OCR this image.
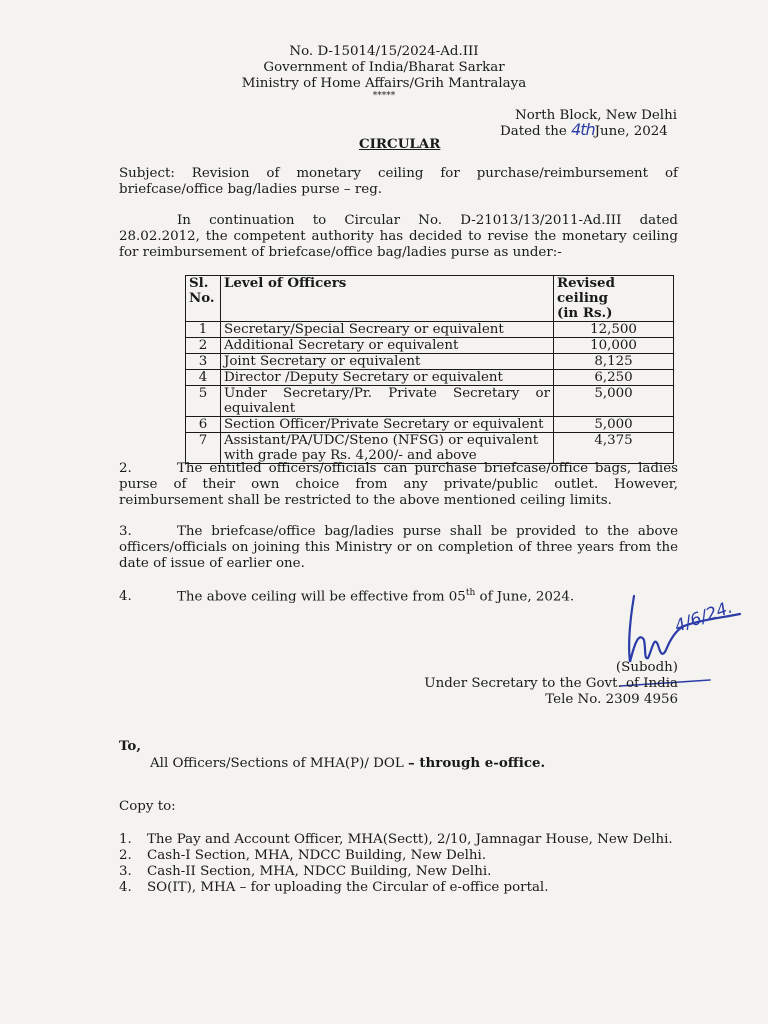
No. D-15014/15/2024-Ad.III
Government of India/Bharat Sarkar
Ministry of Home Affairs/Grih Mantralaya
*****
North Block, New Delhi
Dated the 4thJune, 2024
CIRCULAR
Subject: Revision of monetary ceiling for purchase/reimbursement of
briefcase/office bag/ladies purse – reg.
In continuation to Circular No. D-21013/13/2011-Ad.III dated
28.02.2012, the competent authority has decided to revise the monetary ceiling
for reimbursement of briefcase/office bag/ladies purse as under:-
Sl.
No.	Level of Officers	Revised ceiling
(in Rs.)
1	Secretary/Special Secreary or equivalent	12,500
2	Additional Secretary or equivalent	10,000
3	Joint Secretary or equivalent	8,125
4	Director /Deputy Secretary or equivalent	6,250
5	Under Secretary/Pr. Private Secretary or
equivalent	5,000
6	Section Officer/Private Secretary or equivalent	5,000
7	Assistant/PA/UDC/Steno (NFSG) or equivalent
with grade pay Rs. 4,200/- and above	4,375
2.	The entitled officers/officials can purchase briefcase/office bags, ladies
purse of their own choice from any private/public outlet. However,
reimbursement shall be restricted to the above mentioned ceiling limits.
3.	The briefcase/office bag/ladies purse shall be provided to the above
officers/officials on joining this Ministry or on completion of three years from the
date of issue of earlier one.
4.	The above ceiling will be effective from 05th of June, 2024.
4/6/24.
(Subodh)
Under Secretary to the Govt. of India
Tele No. 2309 4956
To,
All Officers/Sections of MHA(P)/ DOL – through e-office.
Copy to:
1. The Pay and Account Officer, MHA(Sectt), 2/10, Jamnagar House, New Delhi.
2. Cash-I Section, MHA, NDCC Building, New Delhi.
3. Cash-II Section, MHA, NDCC Building, New Delhi.
4. SO(IT), MHA – for uploading the Circular of e-office portal.
